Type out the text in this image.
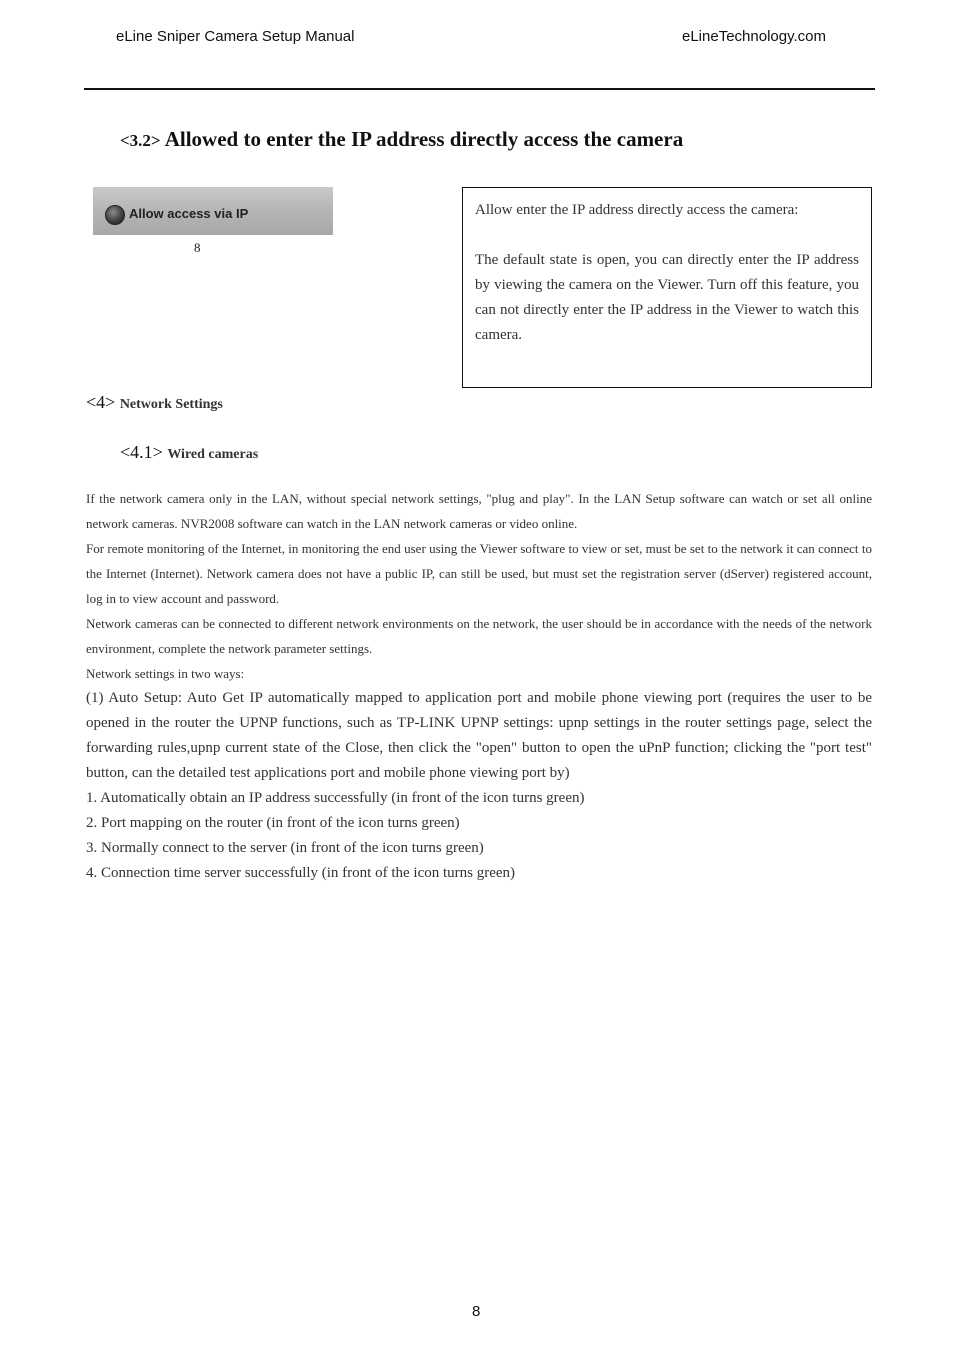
eLine Sniper Camera Setup Manual	eLineTechnology.com
<3.2> Allowed to enter the IP address directly access the camera
Allow access via IP
8

Allow enter the IP address directly access the camera:

The default state is open, you can directly enter the IP address by viewing the camera on the Viewer. Turn off this feature, you can not directly enter the IP address in the Viewer to watch this camera.

<4> Network Settings
<4.1> Wired cameras

If the network camera only in the LAN, without special network settings, "plug and play". In the LAN Setup software can watch or set all online network cameras. NVR2008 software can watch in the LAN network cameras or video online.

For remote monitoring of the Internet, in monitoring the end user using the Viewer software to view or set, must be set to the network it can connect to the Internet (Internet). Network camera does not have a public IP, can still be used, but must set the registration server (dServer) registered account, log in to view account and password.

Network cameras can be connected to different network environments on the network, the user should be in accordance with the needs of the network environment, complete the network parameter settings.

Network settings in two ways:

(1) Auto Setup: Auto Get IP automatically mapped to application port and mobile phone viewing port (requires the user to be opened in the router the UPNP functions, such as TP-LINK UPNP settings: upnp settings in the router settings page, select the forwarding rules,upnp current state of the Close, then click the "open" button to open the uPnP function; clicking the "port test" button, can the detailed test applications port and mobile phone viewing port by)

1. Automatically obtain an IP address successfully (in front of the icon turns green)

2. Port mapping on the router (in front of the icon turns green)

3. Normally connect to the server (in front of the icon turns green)

4. Connection time server successfully (in front of the icon turns green)

8
